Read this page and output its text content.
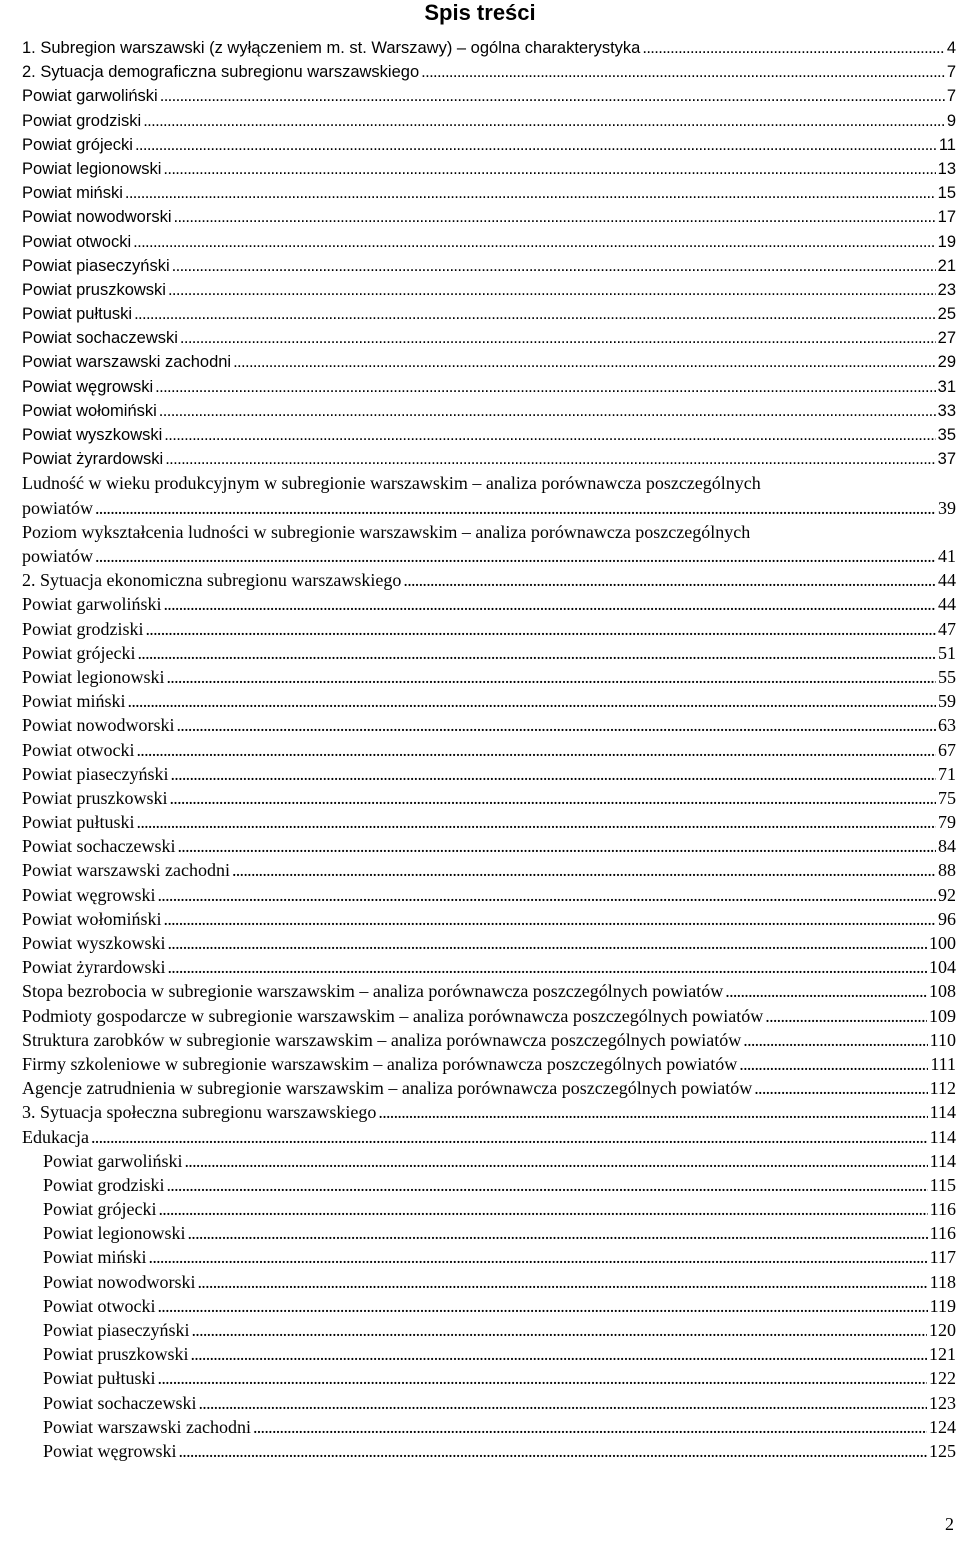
Spis treści
1. Subregion warszawski (z wyłączeniem m. st. Warszawy) – ogólna charakterystyka . . .	4
2. Sytuacja demograficzna subregionu warszawskiego . . .	7
Powiat garwoliński . . .	7
Powiat grodziski . . .	9
Powiat grójecki . . .	11
Powiat legionowski . . .	13
Powiat miński . . .	15
Powiat nowodworski . . .	17
Powiat otwocki . . .	19
Powiat piaseczyński . . .	21
Powiat pruszkowski . . .	23
Powiat pułtuski . . .	25
Powiat sochaczewski . . .	27
Powiat warszawski zachodni . . .	29
Powiat węgrowski . . .	31
Powiat wołomiński . . .	33
Powiat wyszkowski . . .	35
Powiat żyrardowski . . .	37
Ludność w wieku produkcyjnym w subregionie warszawskim – analiza porównawcza poszczególnych
powiatów . . .	39
Poziom wykształcenia ludności w subregionie warszawskim – analiza porównawcza poszczególnych
powiatów . . .	41
2. Sytuacja ekonomiczna subregionu warszawskiego . . .	44
Powiat garwoliński . . .	44
Powiat grodziski . . .	47
Powiat grójecki . . .	51
Powiat legionowski . . .	55
Powiat miński . . .	59
Powiat nowodworski . . .	63
Powiat otwocki . . .	67
Powiat piaseczyński . . .	71
Powiat pruszkowski . . .	75
Powiat pułtuski . . .	79
Powiat sochaczewski . . .	84
Powiat warszawski zachodni . . .	88
Powiat węgrowski . . .	92
Powiat wołomiński . . .	96
Powiat wyszkowski . . .	100
Powiat żyrardowski . . .	104
Stopa bezrobocia w subregionie warszawskim – analiza porównawcza poszczególnych powiatów . . .	108
Podmioty gospodarcze w subregionie warszawskim – analiza porównawcza poszczególnych powiatów . . .	109
Struktura zarobków w subregionie warszawskim – analiza porównawcza poszczególnych powiatów . . .	110
Firmy szkoleniowe w subregionie warszawskim – analiza porównawcza poszczególnych powiatów . . .	111
Agencje zatrudnienia w subregionie warszawskim – analiza porównawcza poszczególnych powiatów . . .	112
3. Sytuacja społeczna subregionu warszawskiego . . .	114
Edukacja . . .	114
Powiat garwoliński . . .	114
Powiat grodziski . . .	115
Powiat grójecki . . .	116
Powiat legionowski . . .	116
Powiat miński . . .	117
Powiat nowodworski . . .	118
Powiat otwocki . . .	119
Powiat piaseczyński . . .	120
Powiat pruszkowski . . .	121
Powiat pułtuski . . .	122
Powiat sochaczewski . . .	123
Powiat warszawski zachodni . . .	124
Powiat węgrowski . . .	125
2
